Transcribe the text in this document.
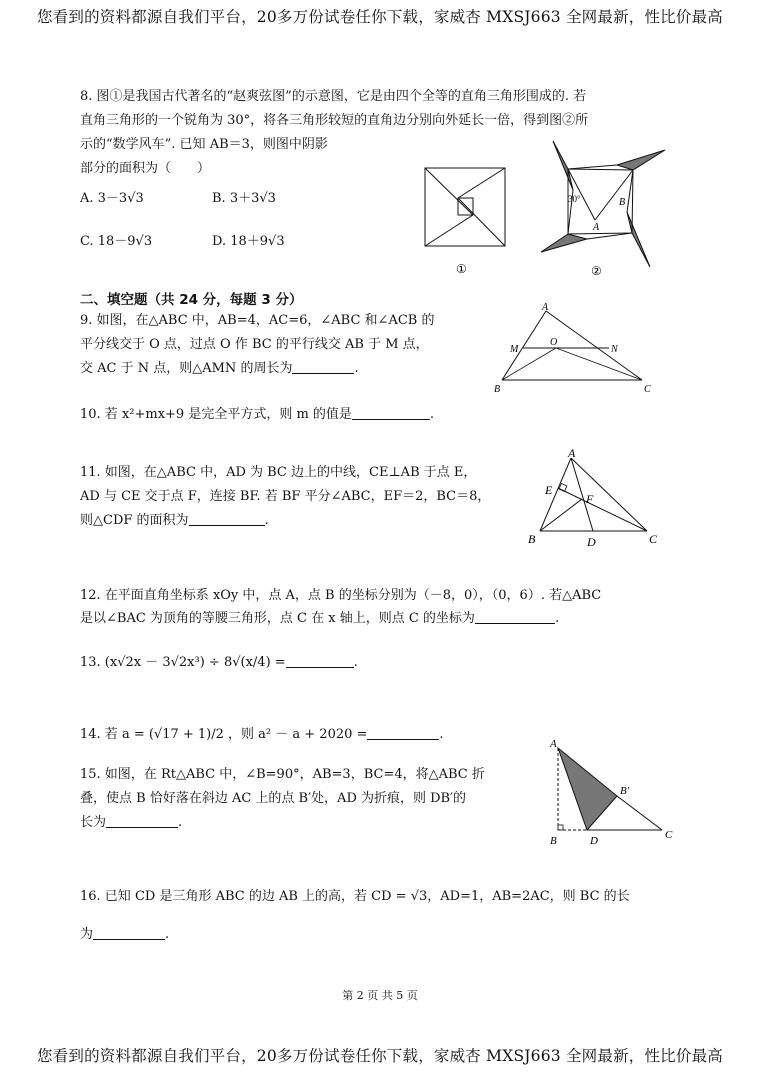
您看到的资料都源自我们平台，20多万份试卷任你下载，家威杏 MXSJ663 全网最新，性比价最高
8. 图①是我国古代著名的“赵爽弦图”的示意图，它是由四个全等的直角三角形围成的. 若
直角三角形的一个锐角为 30°，将各三角形较短的直角边分别向外延长一倍，得到图②所
示的“数学风车”. 已知 AB＝3，则图中阴影
部分的面积为（　　）
A. 3－3√3	B. 3＋3√3
C. 18－9√3	D. 18＋9√3
①
30°	B
A
②
二、填空题（共 24 分，每题 3 分）
9. 如图，在△ABC 中，AB=4，AC=6，∠ABC 和∠ACB 的
平分线交于 O 点，过点 O 作 BC 的平行线交 AB 于 M 点，
交 AC 于 N 点，则△AMN 的周长为	.
A
M
O
N
B	C
10. 若 x²+mx+9 是完全平方式，则 m 的值是	.
11. 如图，在△ABC 中，AD 为 BC 边上的中线，CE⊥AB 于点 E，
AD 与 CE 交于点 F，连接 BF. 若 BF 平分∠ABC，EF＝2，BC＝8，
则△CDF 的面积为	.
A
E
F
B	D	C
12. 在平面直角坐标系 xOy 中，点 A，点 B 的坐标分别为（－8，0），（0，6）. 若△ABC
是以∠BAC 为顶角的等腰三角形，点 C 在 x 轴上，则点 C 的坐标为	.
13. (x√2x － 3√2x³) ÷ 8√(x/4) =	.
14. 若 a = (√17 + 1)/2 ，则 a² － a + 2020 =	.
15. 如图，在 Rt△ABC 中，∠B=90°，AB=3，BC=4，将△ABC 折
叠，使点 B 恰好落在斜边 AC 上的点 B′处，AD 为折痕，则 DB′的
长为	.
A
B′
B	D	C
16. 已知 CD 是三角形 ABC 的边 AB 上的高，若 CD = √3，AD=1，AB=2AC，则 BC 的长
为	.
第 2 页 共 5 页
您看到的资料都源自我们平台，20多万份试卷任你下载，家威杏 MXSJ663 全网最新，性比价最高
